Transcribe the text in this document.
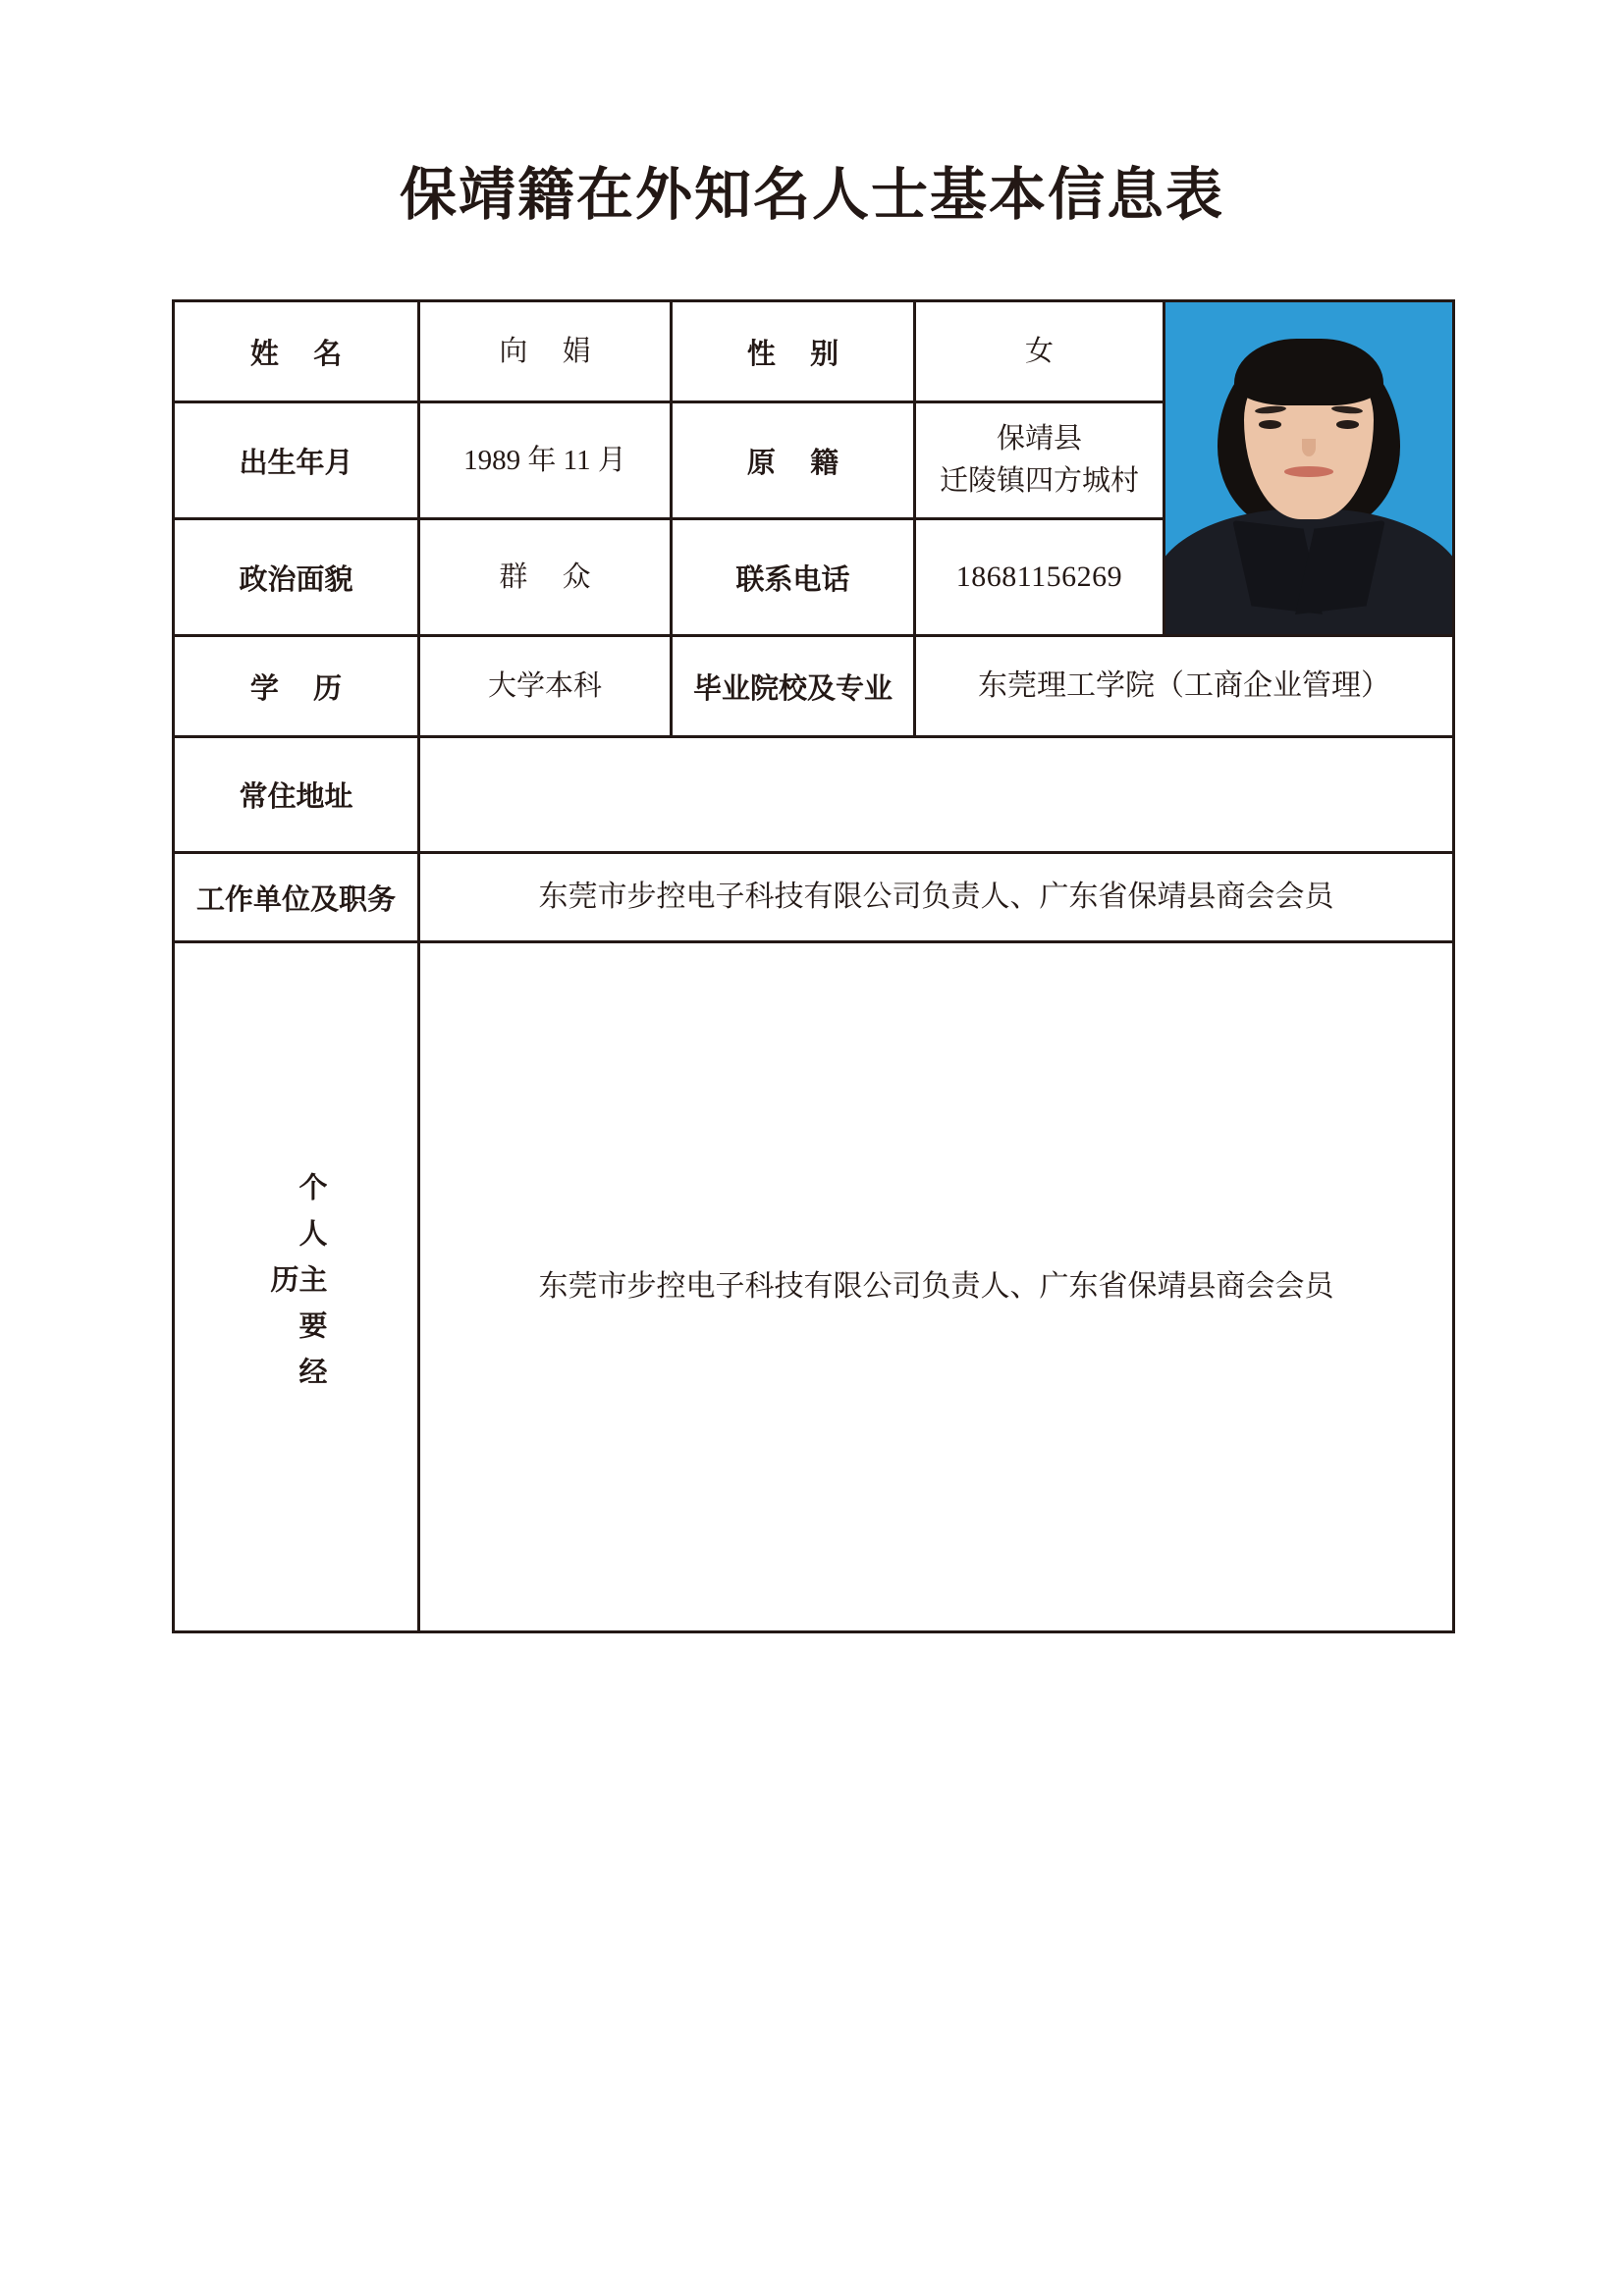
保靖籍在外知名人士基本信息表
姓 名	向 娟	性 别	女	

出生年月	1989 年 11 月	原 籍	保靖县
迁陵镇四方城村	

政治面貌	群 众	联系电话	18681156269	
学 历	大学本科	毕业院校及专业	东莞理工学院（工商企业管理）	
常住地址				
工作单位及职务	东莞市步控电子科技有限公司负责人、广东省保靖县商会会员			

个人主要经历	东莞市步控电子科技有限公司负责人、广东省保靖县商会会员			
